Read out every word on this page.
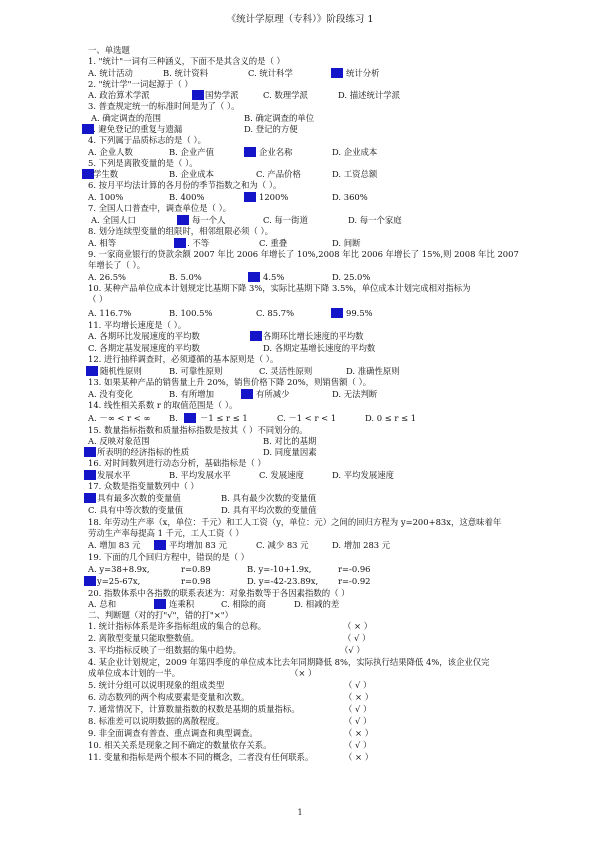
《统计学原理（专科）》阶段练习 1
一、单选题
1. "统计"一词有三种涵义，下面不是其含义的是（ ）
A. 统计活动	B. 统计资料	C. 统计科学	统计分析
2. "统计学"一词起源于（ ）
A. 政治算术学派	国势学派	C. 数理学派	D. 描述统计学派
3. 普查规定统一的标准时间是为了（ ）。
A. 确定调查的范围	B. 确定调查的单位
. 避免登记的重复与遗漏	D. 登记的方便
4. 下列属于品质标志的是（ ）。
A. 企业人数	B. 企业产值	企业名称	D. 企业成本
5. 下列是离散变量的是（ ）。
学生数	B. 企业成本	C. 产品价格	D. 工资总额
6. 按月平均法计算的各月份的季节指数之和为（ ）。
A. 100%	B. 400%	1200%	D. 360%
7. 全国人口普查中，调查单位是（ ）。
A. 全国人口	每一个人	C. 每一街道	D. 每一个家庭
8. 划分连续型变量的组限时，相邻组限必须（ ）。
A. 相等	. 不等	C. 重叠	D. 间断
9. 一家商业银行的贷款余额 2007 年比 2006 年增长了 10%,2008 年比 2006 年增长了 15%,则 2008 年比 2007
年增长了（ ）。
A. 26.5%	B. 5.0%	4.5%	D. 25.0%
10. 某种产品单位成本计划规定比基期下降 3%，实际比基期下降 3.5%，单位成本计划完成相对指标为
（ ）
A. 116.7%	B. 100.5%	C. 85.7%	99.5%
11. 平均增长速度是（ ）。
A. 各期环比发展速度的平均数	各期环比增长速度的平均数
C. 各期定基发展速度的平均数	D. 各期定基增长速度的平均数
12. 进行抽样调查时，必须遵循的基本原则是（ ）。
随机性原则	B. 可靠性原则	C. 灵活性原则	D. 准确性原则
13. 如果某种产品的销售量上升 20%，销售价格下降 20%，则销售额（ ）。
A. 没有变化	B. 有所增加	有所减少	D. 无法判断
14. 线性相关系数 r 的取值范围是（ ）。
A. －∞ < r < ∞ B.	－1 ≤ r ≤ 1	C. －1 < r < 1	D. 0 ≤ r ≤ 1
15. 数量指标指数和质量指标指数是按其（ ）不同划分的。
A. 反映对象范围	B. 对比的基期
所表明的经济指标的性质	D. 同度量因素
16. 对时间数列进行动态分析，基础指标是（ ）
发展水平	B. 平均发展水平	C. 发展速度	D. 平均发展速度
17. 众数是指变量数列中（ ）
具有最多次数的变量值	B. 具有最少次数的变量值
C. 具有中等次数的变量值	D. 具有平均次数的变量值
18. 年劳动生产率（x，单位：千元）和工人工资（y，单位：元）之间的回归方程为 y=200+83x，这意味着年
劳动生产率每提高 1 千元，工人工资（ ）
A. 增加 83 元	平均增加 83 元	C. 减少 83 元	D. 增加 283 元
19. 下面的几个回归方程中，错误的是（ ）
A. y=38+8.9x,	r=0.89	B. y=-10+1.9x,	r=-0.96
y=25-67x,	r=0.98	D. y=-42-23.89x, r=-0.92
20. 指数体系中各指数的联系表述为：对象指数等于各因素指数的（ ）
A. 总和	连乘积	C. 相除的商	D. 相减的差
二、判断题（对的打"√"，错的打"×"）
1. 统计指标体系是许多指标组成的集合的总称。	（ × ）
2. 离散型变量只能取整数值。	（ √ ）
3. 平均指标反映了一组数据的集中趋势。	（√ ）
4. 某企业计划规定，2009 年第四季度的单位成本比去年同期降低 8%，实际执行结果降低 4%，该企业仅完
成单位成本计划的一半。	（× ）
5. 统计分组可以说明现象的组成类型	（ √ ）
6. 动态数列的两个构成要素是变量和次数。	（ × ）
7. 通常情况下，计算数量指数的权数是基期的质量指标。	（ √ ）
8. 标准差可以说明数据的离散程度。	（ √ ）
9. 非全面调查有普查、重点调查和典型调查。	（ × ）
10. 相关关系是现象之间不确定的数量依存关系。	（ √ ）
11. 变量和指标是两个根本不同的概念，二者没有任何联系。	（ × ）
1
